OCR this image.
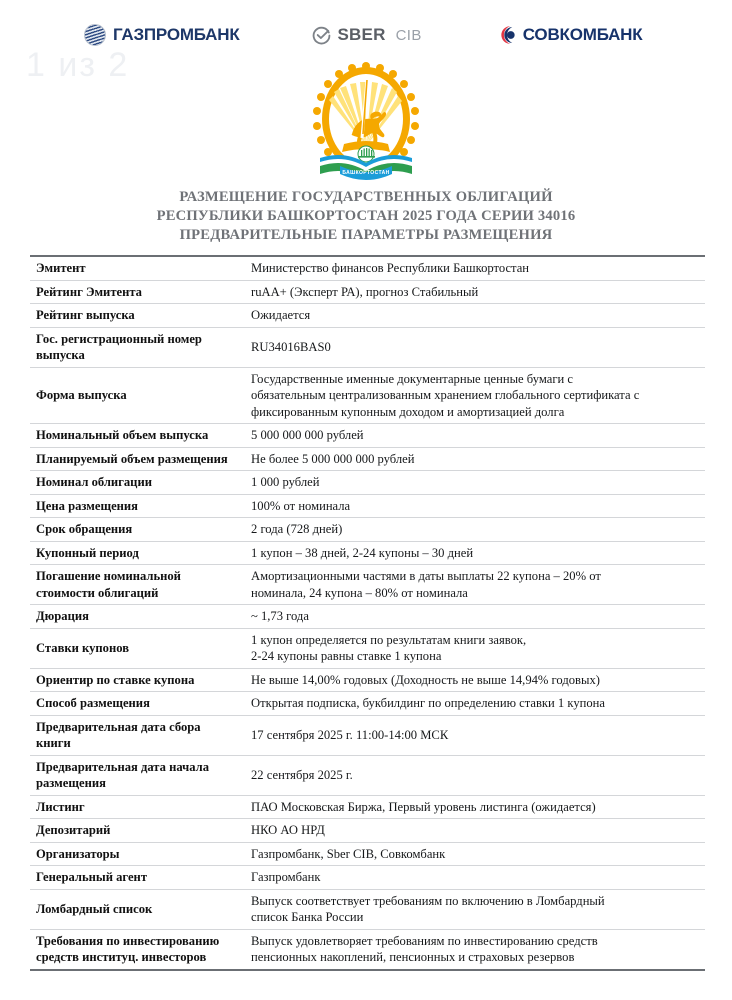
1 из 2
ГАЗПРОМБАНК	SBER CIB	СОВКОМБАНК
БАШКОРТОСТАН
РАЗМЕЩЕНИЕ ГОСУДАРСТВЕННЫХ ОБЛИГАЦИЙ
РЕСПУБЛИКИ БАШКОРТОСТАН 2025 ГОДА СЕРИИ 34016
ПРЕДВАРИТЕЛЬНЫЕ ПАРАМЕТРЫ РАЗМЕЩЕНИЯ
Эмитент	Министерство финансов Республики Башкортостан

Рейтинг Эмитента	ruAA+ (Эксперт РА), прогноз Стабильный

Рейтинг выпуска	Ожидается

Гос. регистрационный номер выпуска	RU34016BAS0

Форма выпуска	Государственные именные документарные ценные бумаги с
обязательным централизованным хранением глобального сертификата с
фиксированным купонным доходом и амортизацией долга

Номинальный объем выпуска	5 000 000 000 рублей

Планируемый объем размещения	Не более 5 000 000 000 рублей

Номинал облигации	1 000 рублей

Цена размещения	100% от номинала

Срок обращения	2 года (728 дней)

Купонный период	1 купон – 38 дней, 2-24 купоны – 30 дней

Погашение номинальной стоимости облигаций	Амортизационными частями в даты выплаты 22 купона – 20% от
номинала, 24 купона – 80% от номинала

Дюрация	~ 1,73 года

Ставки купонов	1 купон определяется по результатам книги заявок,
2-24 купоны равны ставке 1 купона

Ориентир по ставке купона	Не выше 14,00% годовых (Доходность не выше 14,94% годовых)

Способ размещения	Открытая подписка, букбилдинг по определению ставки 1 купона

Предварительная дата сбора книги	17 сентября 2025 г. 11:00-14:00 МСК

Предварительная дата начала размещения	22 сентября 2025 г.

Листинг	ПАО Московская Биржа, Первый уровень листинга (ожидается)

Депозитарий	НКО АО НРД

Организаторы	Газпромбанк, Sber CIB, Совкомбанк

Генеральный агент	Газпромбанк

Ломбардный список	Выпуск соответствует требованиям по включению в Ломбардный
список Банка России

Требования по инвестированию средств институц. инвесторов	Выпуск удовлетворяет требованиям по инвестированию средств
пенсионных накоплений, пенсионных и страховых резервов
